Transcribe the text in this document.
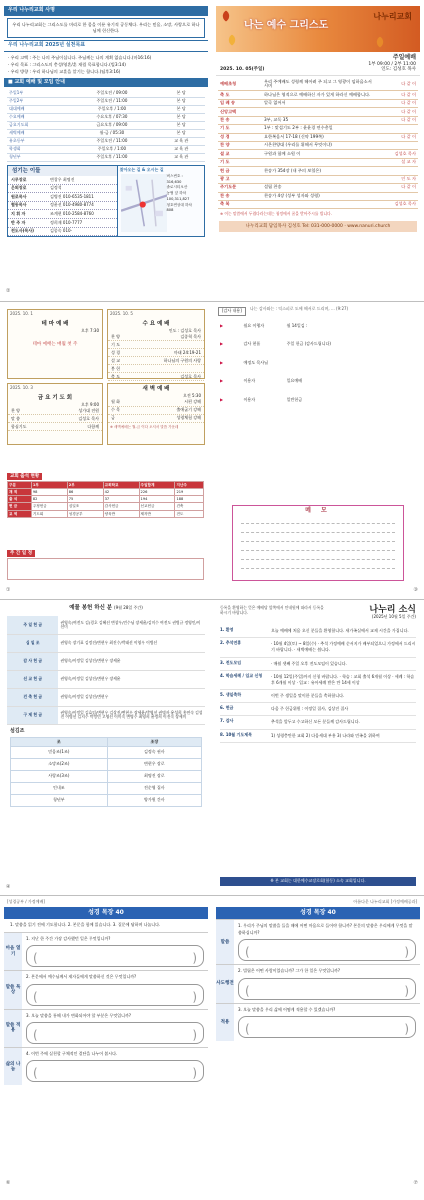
우리 나누리교회 사명
우리 나누리교회는 그리스도를 머리로 한 몸을 이룬 유기적 공동체다. 우리는 믿음, 소망, 사랑으로 하나님께 헌신한다.
우리 나누리교회 2025년 실천목표
· 우리 고백 : 주는 나의 주님이십니다. 주님께는 나의 계획 없습니다.(마16:16)
· 우리 목표 : 그리스도의 충성/영혼/훈 재림 목표합니다.(빌3:14)
· 우리 방향 : 우리 하나님의 교훈을 알기는 합니다.(딤후3:16)
■ 교회 예배 및 모임 안내
주일1부	주일오전 / 09:00	본 당
주일2부	주일오전 / 11:00	본 당
대대예배	주일오후 / 1:00	본 당
수요예배	수요오후 / 07:30	본 당
금요기도회	금요오후 / 09:00	본 당
새벽예배	월-금 / 05:30	본 당
유초등부	주일오전 / 11:00	교 육 관
학생회	주일오후 / 1:00	교 육 관
청년부	주일오후 / 11:00	교 육 관
섬기는 이들
시무장로	변창우 최명진
은퇴장로	김정석
원로목사	김병진 010-6535-1811
협동목사	정윤선 010-4980-8774
지 휘 자	조계현 010-2584-8760
반 주 자	정희재 010-7777
전도사(목사)	김종숙 010-
찾아오는 길 & 오시는 길
버스번호 :
316,630
솔로시티오산
농협 앞 하차
100,311,827
청호연상대 하차
808
②
나는 예수 그리스도
나누리교회
2025. 10. 05(주일)
주일예배
1부 09:00 / 2부 11:00
인도: 김성호 목사
예배초청	우리 주예배도 성령께 헤아려 주 되고 그 영광이 임하옵소서시며	다 같 이
축 도	하나님은 영적으로 예배하신 자가 있게 하라신 예배합니다.	다 같 이
입 례 송	알곡 없어서	다 같 이
신앙고백		다 같 이
찬 송	3부, 교독 35	다 같 이
기 도	1부 : 맞섬기도 2부 : 윤윤경 연수총일	
성 경	요한복음서 17-18 (신약 199쪽)	다 같 이
찬 양	시온찬양대 (우리를 위해서 무엇이냐)	
설 교	구원과 함께 소원 이	김성호 목사
기 도		설 교 자
헌 금	찬송가 354장 (내 주의 보혈은)	
광 고		인 도 자
주기도문	설립 찬송	다 같 이
찬 송	찬송가 4장 (성부 성자와 성령)	
축 복		김성호 목사
※ 이는 말씀에서 두렵다라는데는 청정에서 꿀을 받아주시를 빕니다.
나누리교회 담임목사 김성호 Tel: 031-000-0000 · www.nanuri.church
2025. 10. 1
테 마 예 배
오후 7:30
테마 예배는 매월 첫 주
2025. 10. 5
수 요 예 배
인도 : 김성호 목사
찬 양	김종혁 목사
기 도
성 경	마태 24:19-21
설 교	하나님의 구원의 사랑
봉 헌
축 도	김성호 목사
2025. 10. 3
금 요 기 도 회
오후 9:00
찬 양	성가대 전원
말 씀	김성호 목사
합심기도	다함께
새 벽 예 배
오전 5:30
월 화	시편 강해
수 목	출애굽기 강해
금	성령체험 강해
※ 새벽예배는 월-금 이다 오셔서 말씀 가운데
교회 출석 현황
구분	1부	2부	교회학교	주일합계	지난주
재 적	98	86	42	226	219
출 석	82	75	37	194	188
헌 금	주정헌금	십일조	감사헌금	선교헌금	건축
교 역	기도회	성경공부	양육반	제자반	전도
주 간 일 정
①
[감사 내용]	나는 감사와는 : 익스피로 도에 해서로 드리며, ... (9:27)
▶	월요 이행자	월 14일 김 :
▶	감사 현품	주일 헌금 (감사드립니다)
▶	예정도 목사님
▶	이용자	일요예배
▶	이용자	일반헌금
메 모
③
예물 봉헌 하신 분 (9월 28일 주간)
주 일 헌 금	권영숙(여전도 김)경호 김혜선 변창우/민수님 장세윤/김미수 여전도 권병규 정영인/이선미
십 일 조	권영숙 장기표 김정진/변현우 최진수/박태선 이영우 이병선
감 사 헌 금	권영숙/이정일 김상진/변현우 장세윤
선 교 헌 금	권영숙/이정일 김상진/변현우 장세윤
건 축 헌 금	권영숙/이정일 김상진/변현우
구 제 헌 금	권영숙/이정일 김효임/변현우 김상진/변현우 장세윤/박영선 권명자 윤성희 홍연숙 김성진 이병선 김지수 박정민 고영선 이미숙 변명수 최영희 윤정희 이진숙 장세미
섬김조
조	조장
믿음조(1조)	김정숙 권사
소망조(2조)	변현우 장로
사랑조(3조)	최명진 장로
인내조	전순영 집사
청년부	양가원 간사
④
등록을 환영하는 뜻은 예배당 앞쪽에서 안내원에 따라서 등록을 하시기 바랍니다.	나누리 소식
(2025년 10월 5일 주간)
1. 환영	오늘 예배에 처음 오신 분들을 환영합니다. 새가족실에서 교제 시간을 가집니다.
2. 추석연휴	· 10월 4일(토) ~ 8일(수) · 추석 가정예배 순서지가 배부되었으니 가정에서 드리시기 바랍니다. · 새벽예배는 쉽니다.
3. 전도모임	· 매월 셋째 주일 오후 전도모임이 있습니다.
4. 학습세례 / 입교 신청	· 10월 12일(주일)까지 신청 바랍니다. · 학습 : 교회 출석 6개월 이상 · 세례 : 학습 후 6개월 이상 · 입교 : 유아세례 받은 만 14세 이상
5. 생일축하	이번 주 생일을 맞이한 분들을 축하합니다.
6. 헌금	다음 주 헌금위원 : 이정일 집사, 김상진 집사
7. 감사	추석을 앞두고 수고하신 모든 분들께 감사드립니다.
8. 10월 기도제목	1) 성령충만한 교회 2) 다음세대 부흥 3) 나라와 민족을 위하여
※ 본 교회는 대한예수교장로회(합동) 소속 교회입니다.
[성경공부 / 가정예배]
성경 목장 40
1. 말씀을 읽기 전에 기도합니다. 2. 본문을 함께 읽습니다. 3. 질문에 답하며 나눕니다.
마음 열기
1. 지난 한 주간 가장 감사했던 일은 무엇입니까?
( )
말씀 묵상
2. 본문에서 예수님께서 제자들에게 말씀하신 것은 무엇입니까?
( )
말씀 적용
3. 오늘 말씀을 통해 내가 변화되어야 할 부분은 무엇입니까?
( )
삶의 나눔
4. 이번 주에 실천할 구체적인 결단을 나누어 봅시다.
( )
⑥
아름다운 나누리교회 [가정예배공과]
성경 목장 40
말씀
1. 우리가 주님의 말씀을 들을 때에 어떤 마음으로 들어야 합니까? 본문의 말씀은 우리에게 무엇을 말씀하십니까?
( )
사도행전
2. 빌립은 어떤 사람이었습니까? 그가 한 일은 무엇입니까?
( )
적용
3. 오늘 말씀을 우리 삶에 어떻게 적용할 수 있겠습니까?
( )
⑦
